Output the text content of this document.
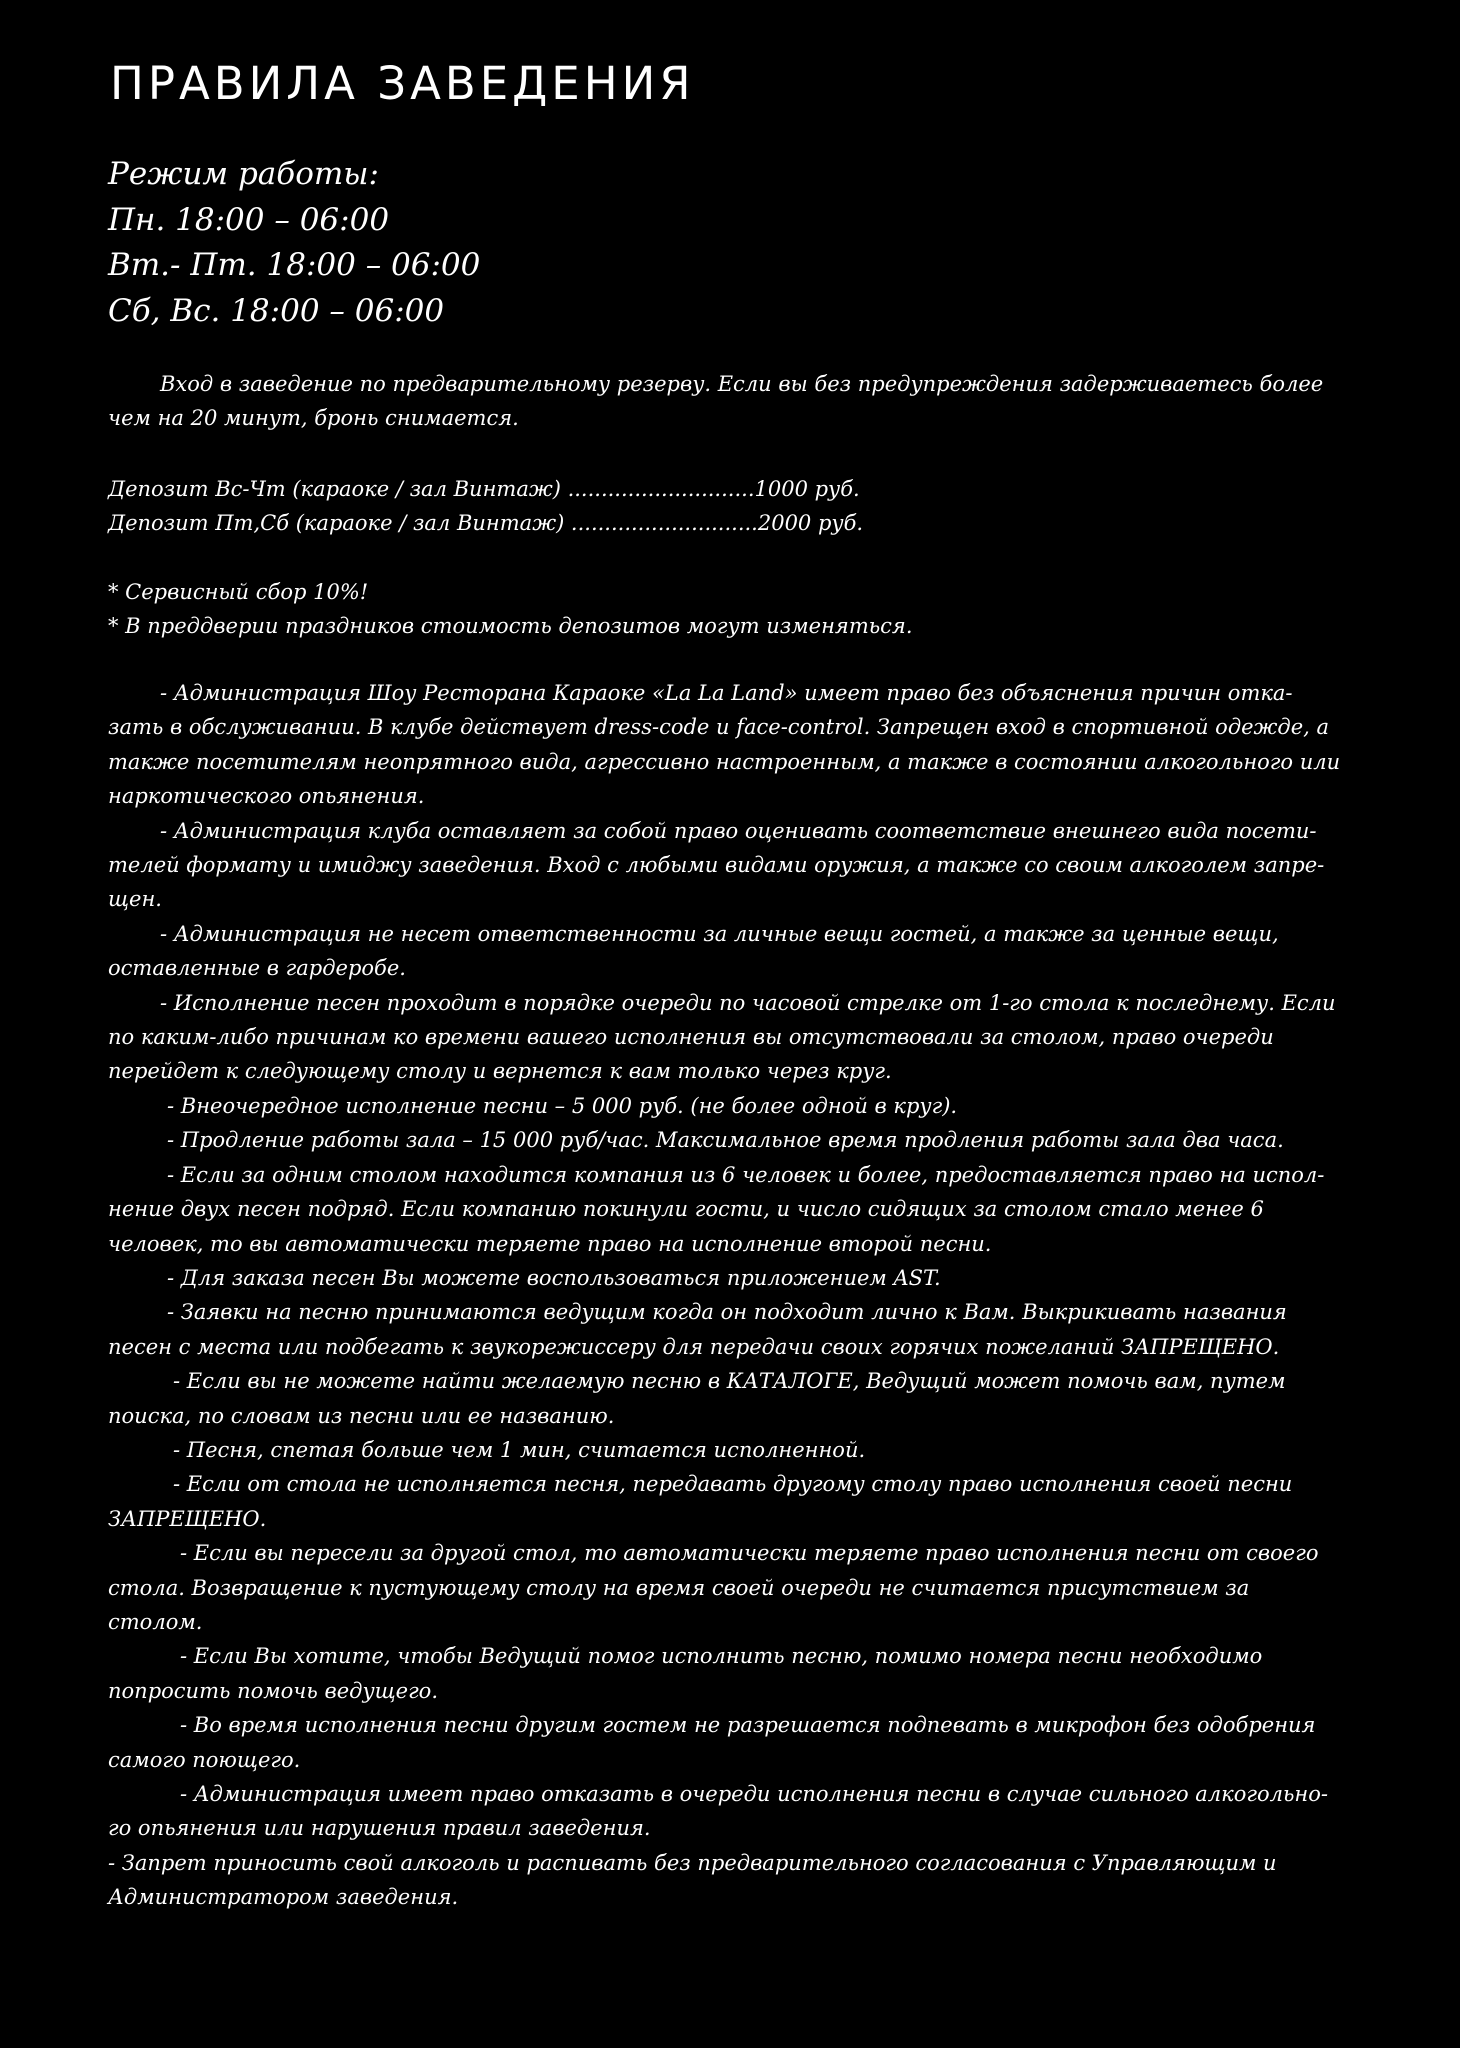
ПРАВИЛА ЗАВЕДЕНИЯ
Режим работы:
Пн. 18:00 – 06:00
Вт.- Пт. 18:00 – 06:00
Сб, Вс. 18:00 – 06:00
Вход в заведение по предварительному резерву. Если вы без предупреждения задерживаетесь более
чем на 20 минут, бронь снимается.
Депозит Вс-Чт (караоке / зал Винтаж) ............................1000 руб.
Депозит Пт,Сб (караоке / зал Винтаж) ............................2000 руб.
* Сервисный сбор 10%!
* В преддверии праздников стоимость депозитов могут изменяться.
- Администрация Шоу Ресторана Караоке «La La Land» имеет право без объяснения причин отка-
зать в обслуживании. В клубе действует dress-code и face-control. Запрещен вход в спортивной одежде, а
также посетителям неопрятного вида, агрессивно настроенным, а также в состоянии алкогольного или
наркотического опьянения.
- Администрация клуба оставляет за собой право оценивать соответствие внешнего вида посети-
телей формату и имиджу заведения. Вход с любыми видами оружия, а также со своим алкоголем запре-
щен.
- Администрация не несет ответственности за личные вещи гостей, а также за ценные вещи,
оставленные в гардеробе.
- Исполнение песен проходит в порядке очереди по часовой стрелке от 1-го стола к последнему. Если
по каким-либо причинам ко времени вашего исполнения вы отсутствовали за столом, право очереди
перейдет к следующему столу и вернется к вам только через круг.
- Внеочередное исполнение песни – 5 000 руб. (не более одной в круг).
- Продление работы зала – 15 000 руб/час. Максимальное время продления работы зала два часа.
- Если за одним столом находится компания из 6 человек и более, предоставляется право на испол-
нение двух песен подряд. Если компанию покинули гости, и число сидящих за столом стало менее 6
человек, то вы автоматически теряете право на исполнение второй песни.
- Для заказа песен Вы можете воспользоваться приложением AST.
- Заявки на песню принимаются ведущим когда он подходит лично к Вам. Выкрикивать названия
песен с места или подбегать к звукорежиссеру для передачи своих горячих пожеланий ЗАПРЕЩЕНО.
- Если вы не можете найти желаемую песню в КАТАЛОГЕ, Ведущий может помочь вам, путем
поиска, по словам из песни или ее названию.
- Песня, спетая больше чем 1 мин, считается исполненной.
- Если от стола не исполняется песня, передавать другому столу право исполнения своей песни
ЗАПРЕЩЕНО.
- Если вы пересели за другой стол, то автоматически теряете право исполнения песни от своего
стола. Возвращение к пустующему столу на время своей очереди не считается присутствием за
столом.
- Если Вы хотите, чтобы Ведущий помог исполнить песню, помимо номера песни необходимо
попросить помочь ведущего.
- Во время исполнения песни другим гостем не разрешается подпевать в микрофон без одобрения
самого поющего.
- Администрация имеет право отказать в очереди исполнения песни в случае сильного алкогольно-
го опьянения или нарушения правил заведения.
- Запрет приносить свой алкоголь и распивать без предварительного согласования с Управляющим и
Администратором заведения.
